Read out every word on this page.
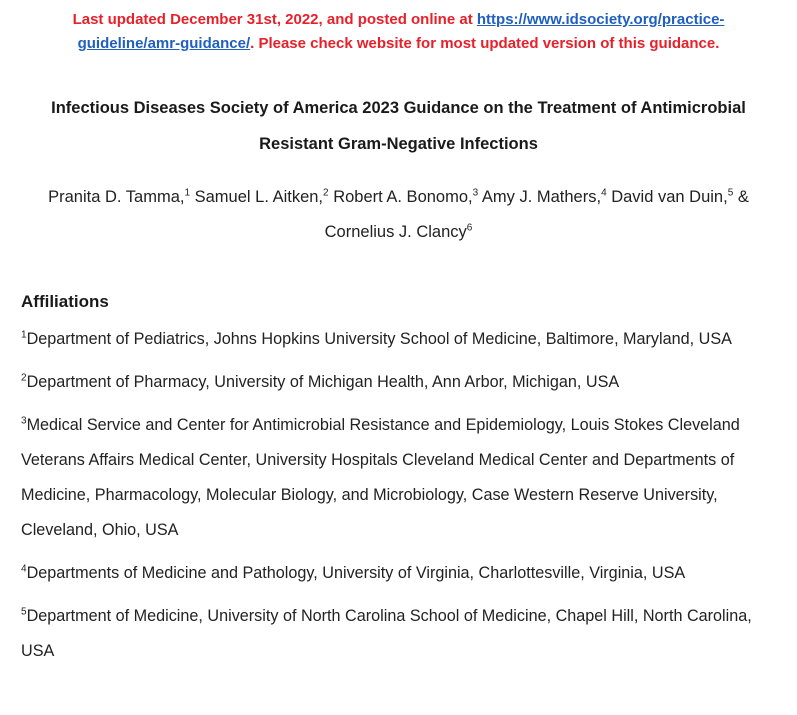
Last updated December 31st, 2022, and posted online at https://www.idsociety.org/practice-guideline/amr-guidance/. Please check website for most updated version of this guidance.
Infectious Diseases Society of America 2023 Guidance on the Treatment of Antimicrobial Resistant Gram-Negative Infections
Pranita D. Tamma,$^1$ Samuel L. Aitken,$^2$ Robert A. Bonomo,$^3$ Amy J. Mathers,$^4$ David van Duin,$^5$ &
Cornelius J. Clancy$^6$
Affiliations
$^1$Department of Pediatrics, Johns Hopkins University School of Medicine, Baltimore, Maryland, USA
$^2$Department of Pharmacy, University of Michigan Health, Ann Arbor, Michigan, USA
$^3$Medical Service and Center for Antimicrobial Resistance and Epidemiology, Louis Stokes Cleveland Veterans Affairs Medical Center, University Hospitals Cleveland Medical Center and Departments of Medicine, Pharmacology, Molecular Biology, and Microbiology, Case Western Reserve University, Cleveland, Ohio, USA
$^4$Departments of Medicine and Pathology, University of Virginia, Charlottesville, Virginia, USA
$^5$Department of Medicine, University of North Carolina School of Medicine, Chapel Hill, North Carolina, USA
